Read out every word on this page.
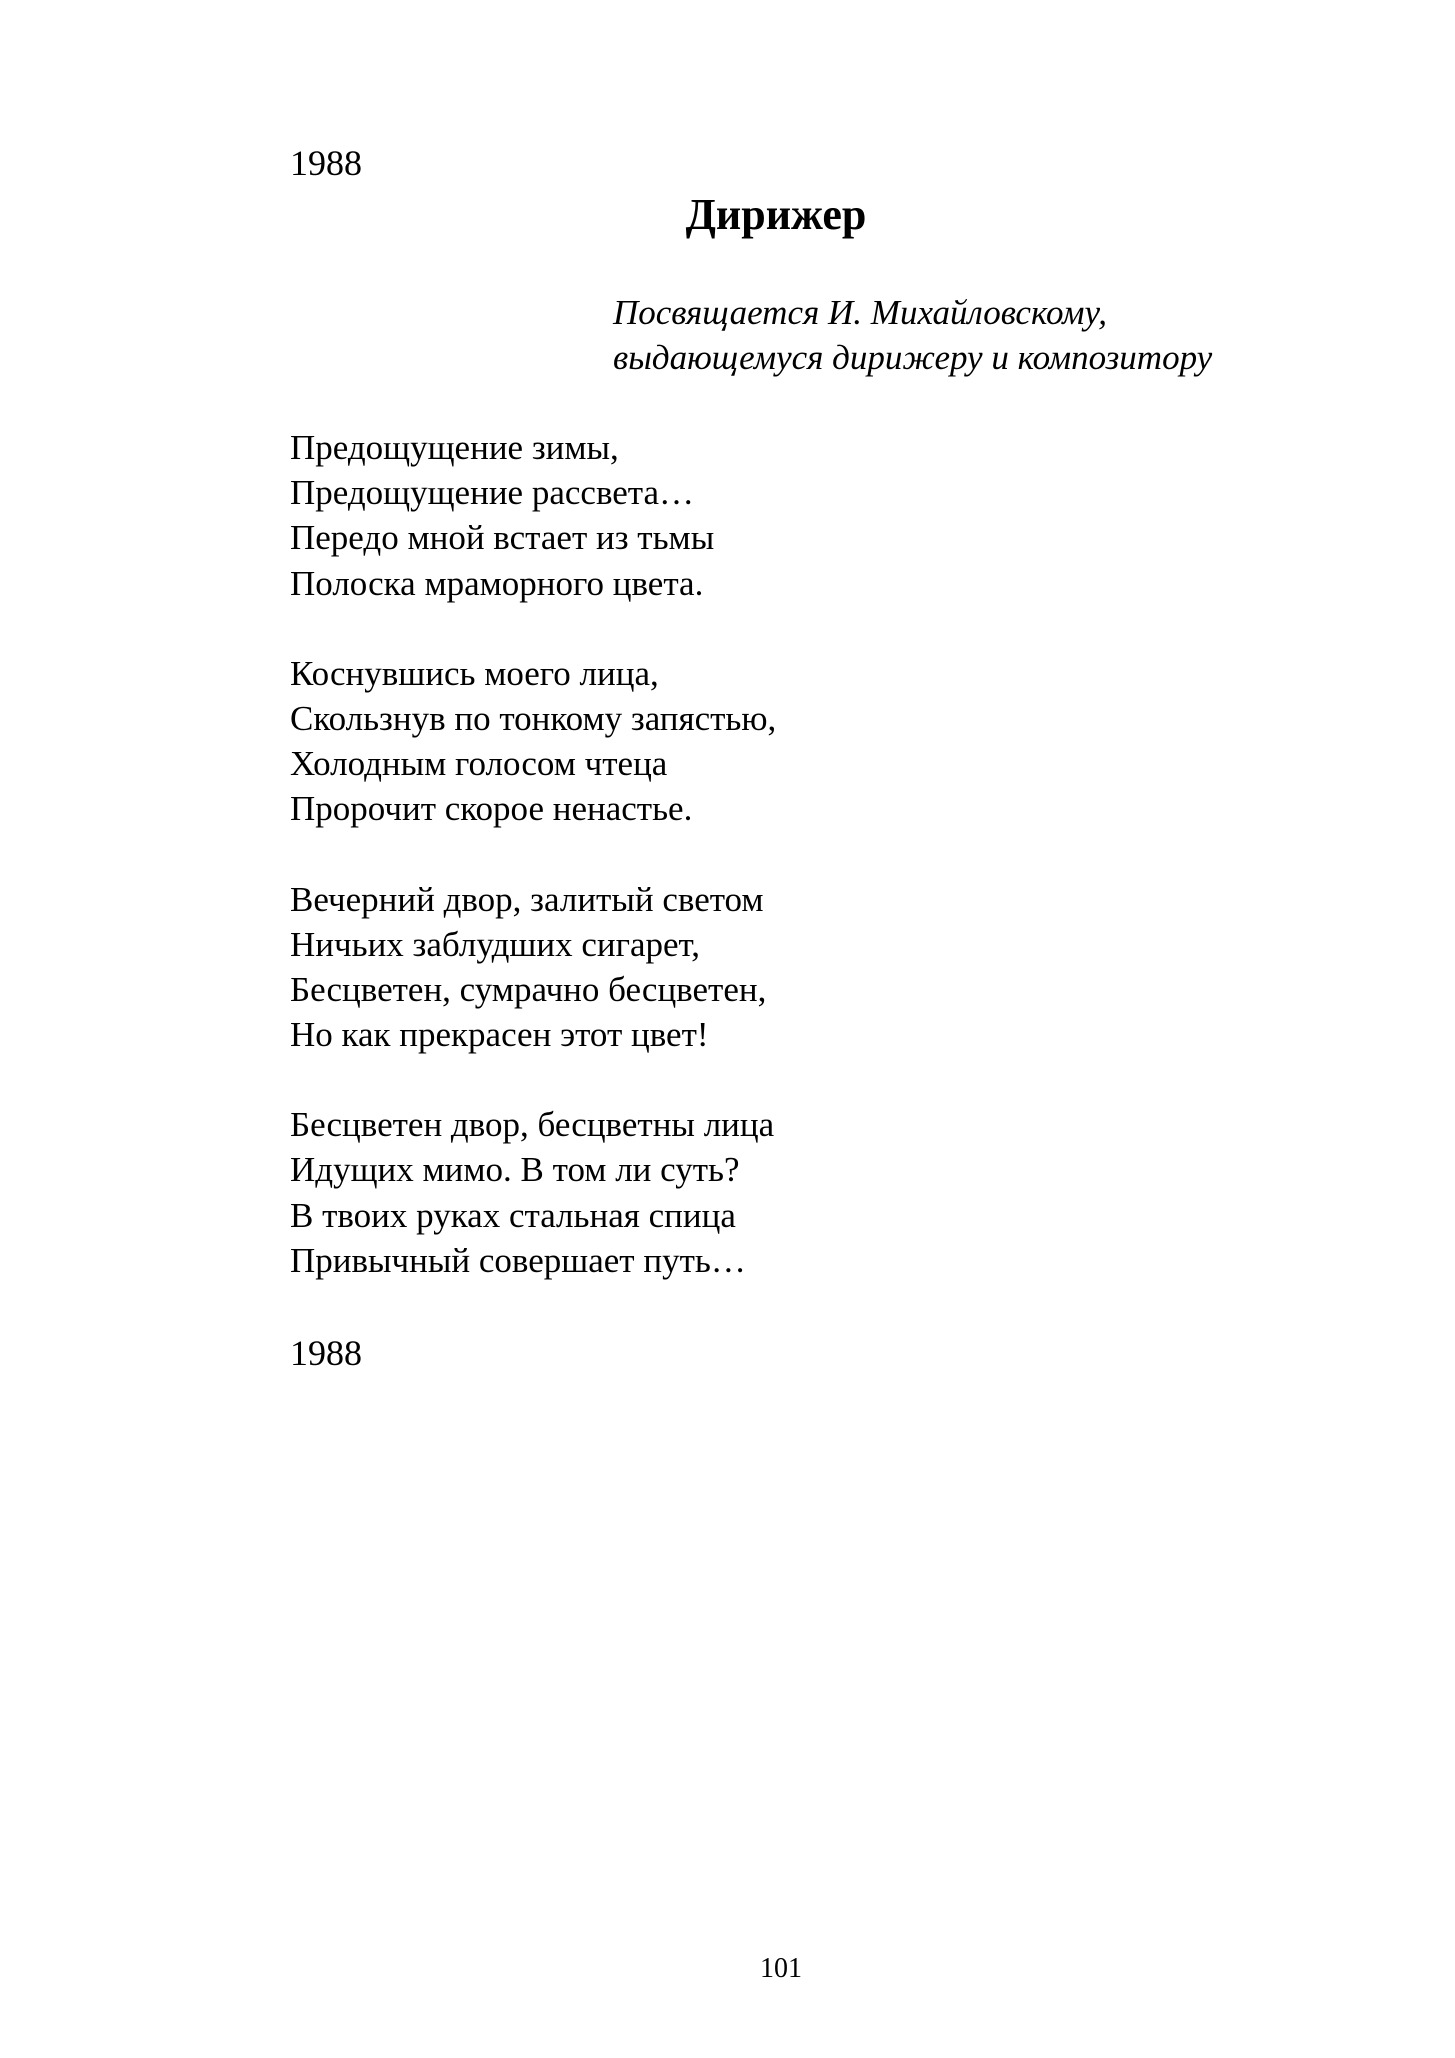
1988
Дирижер
Посвящается И. Михайловскому,
выдающемуся дирижеру и композитору
Предощущение зимы,
Предощущение рассвета…
Передо мной встает из тьмы
Полоска мраморного цвета.
Коснувшись моего лица,
Скользнув по тонкому запястью,
Холодным голосом чтеца
Пророчит скорое ненастье.
Вечерний двор, залитый светом
Ничьих заблудших сигарет,
Бесцветен, сумрачно бесцветен,
Но как прекрасен этот цвет!
Бесцветен двор, бесцветны лица
Идущих мимо. В том ли суть?
В твоих руках стальная спица
Привычный совершает путь…
1988
101
